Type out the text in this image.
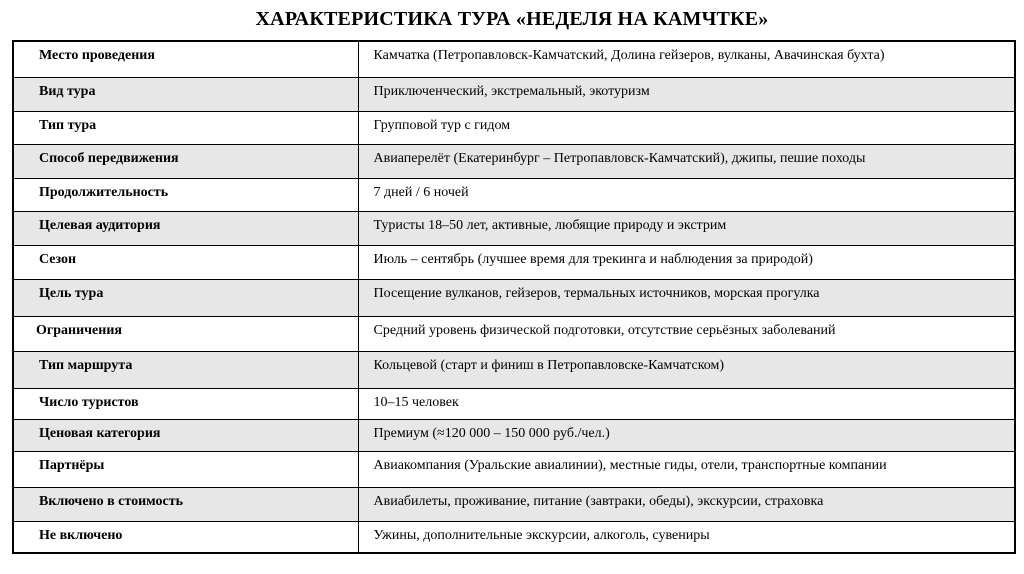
ХАРАКТЕРИСТИКА ТУРА «НЕДЕЛЯ НА КАМЧТКЕ»
Место проведения	Камчатка (Петропавловск-Камчатский, Долина гейзеров, вулканы, Авачинская бухта)
Вид тура	Приключенческий, экстремальный, экотуризм
Тип тура	Групповой тур с гидом
Способ передвижения	Авиаперелёт (Екатеринбург – Петропавловск-Камчатский), джипы, пешие походы
Продолжительность	7 дней / 6 ночей
Целевая аудитория	Туристы 18–50 лет, активные, любящие природу и экстрим
Сезон	Июль – сентябрь (лучшее время для трекинга и наблюдения за природой)
Цель тура	Посещение вулканов, гейзеров, термальных источников, морская прогулка
Ограничения	Средний уровень физической подготовки, отсутствие серьёзных заболеваний
Тип маршрута	Кольцевой (старт и финиш в Петропавловске-Камчатском)
Число туристов	10–15 человек
Ценовая категория	Премиум (≈120 000 – 150 000 руб./чел.)
Партнёры	Авиакомпания (Уральские авиалинии), местные гиды, отели, транспортные компании
Включено в стоимость	Авиабилеты, проживание, питание (завтраки, обеды), экскурсии, страховка
Не включено	Ужины, дополнительные экскурсии, алкоголь, сувениры
